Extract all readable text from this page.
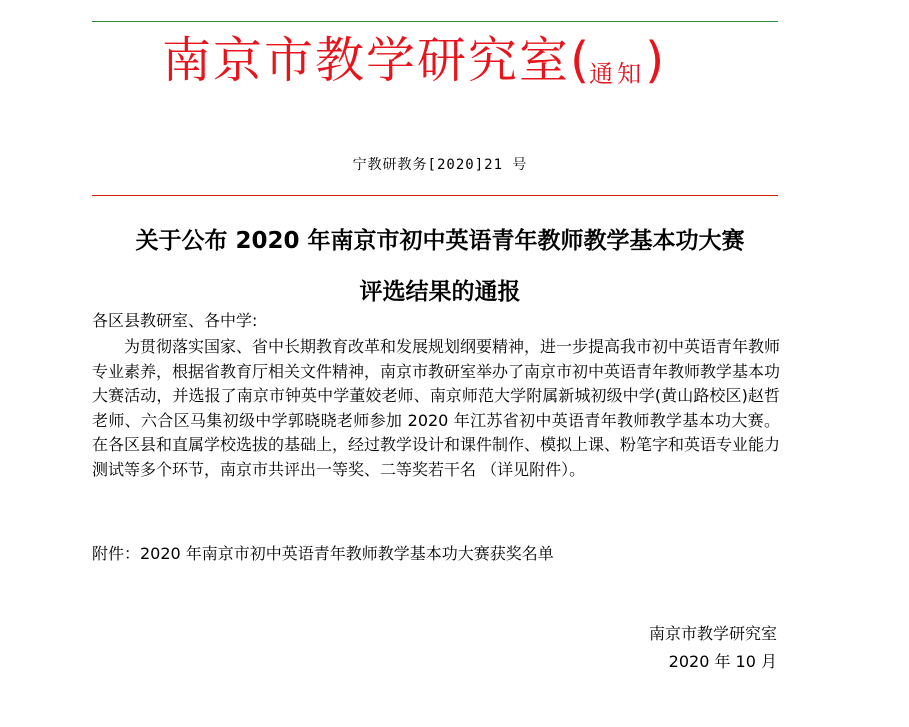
南京市教学研究室(通知)
宁教研教务[2020]21 号
关于公布 2020 年南京市初中英语青年教师教学基本功大赛
评选结果的通报
各区县教研室、各中学:
为贯彻落实国家、省中长期教育改革和发展规划纲要精神，进一步提高我市初中英语青年教师专业素养，根据省教育厅相关文件精神，南京市教研室举办了南京市初中英语青年教师教学基本功大赛活动，并选报了南京市钟英中学董姣老师、南京师范大学附属新城初级中学(黄山路校区)赵哲老师、六合区马集初级中学郭晓晓老师参加 2020 年江苏省初中英语青年教师教学基本功大赛。在各区县和直属学校选拔的基础上，经过教学设计和课件制作、模拟上课、粉笔字和英语专业能力测试等多个环节，南京市共评出一等奖、二等奖若干名 （详见附件）。
附件：2020 年南京市初中英语青年教师教学基本功大赛获奖名单
南京市教学研究室
2020 年 10 月
